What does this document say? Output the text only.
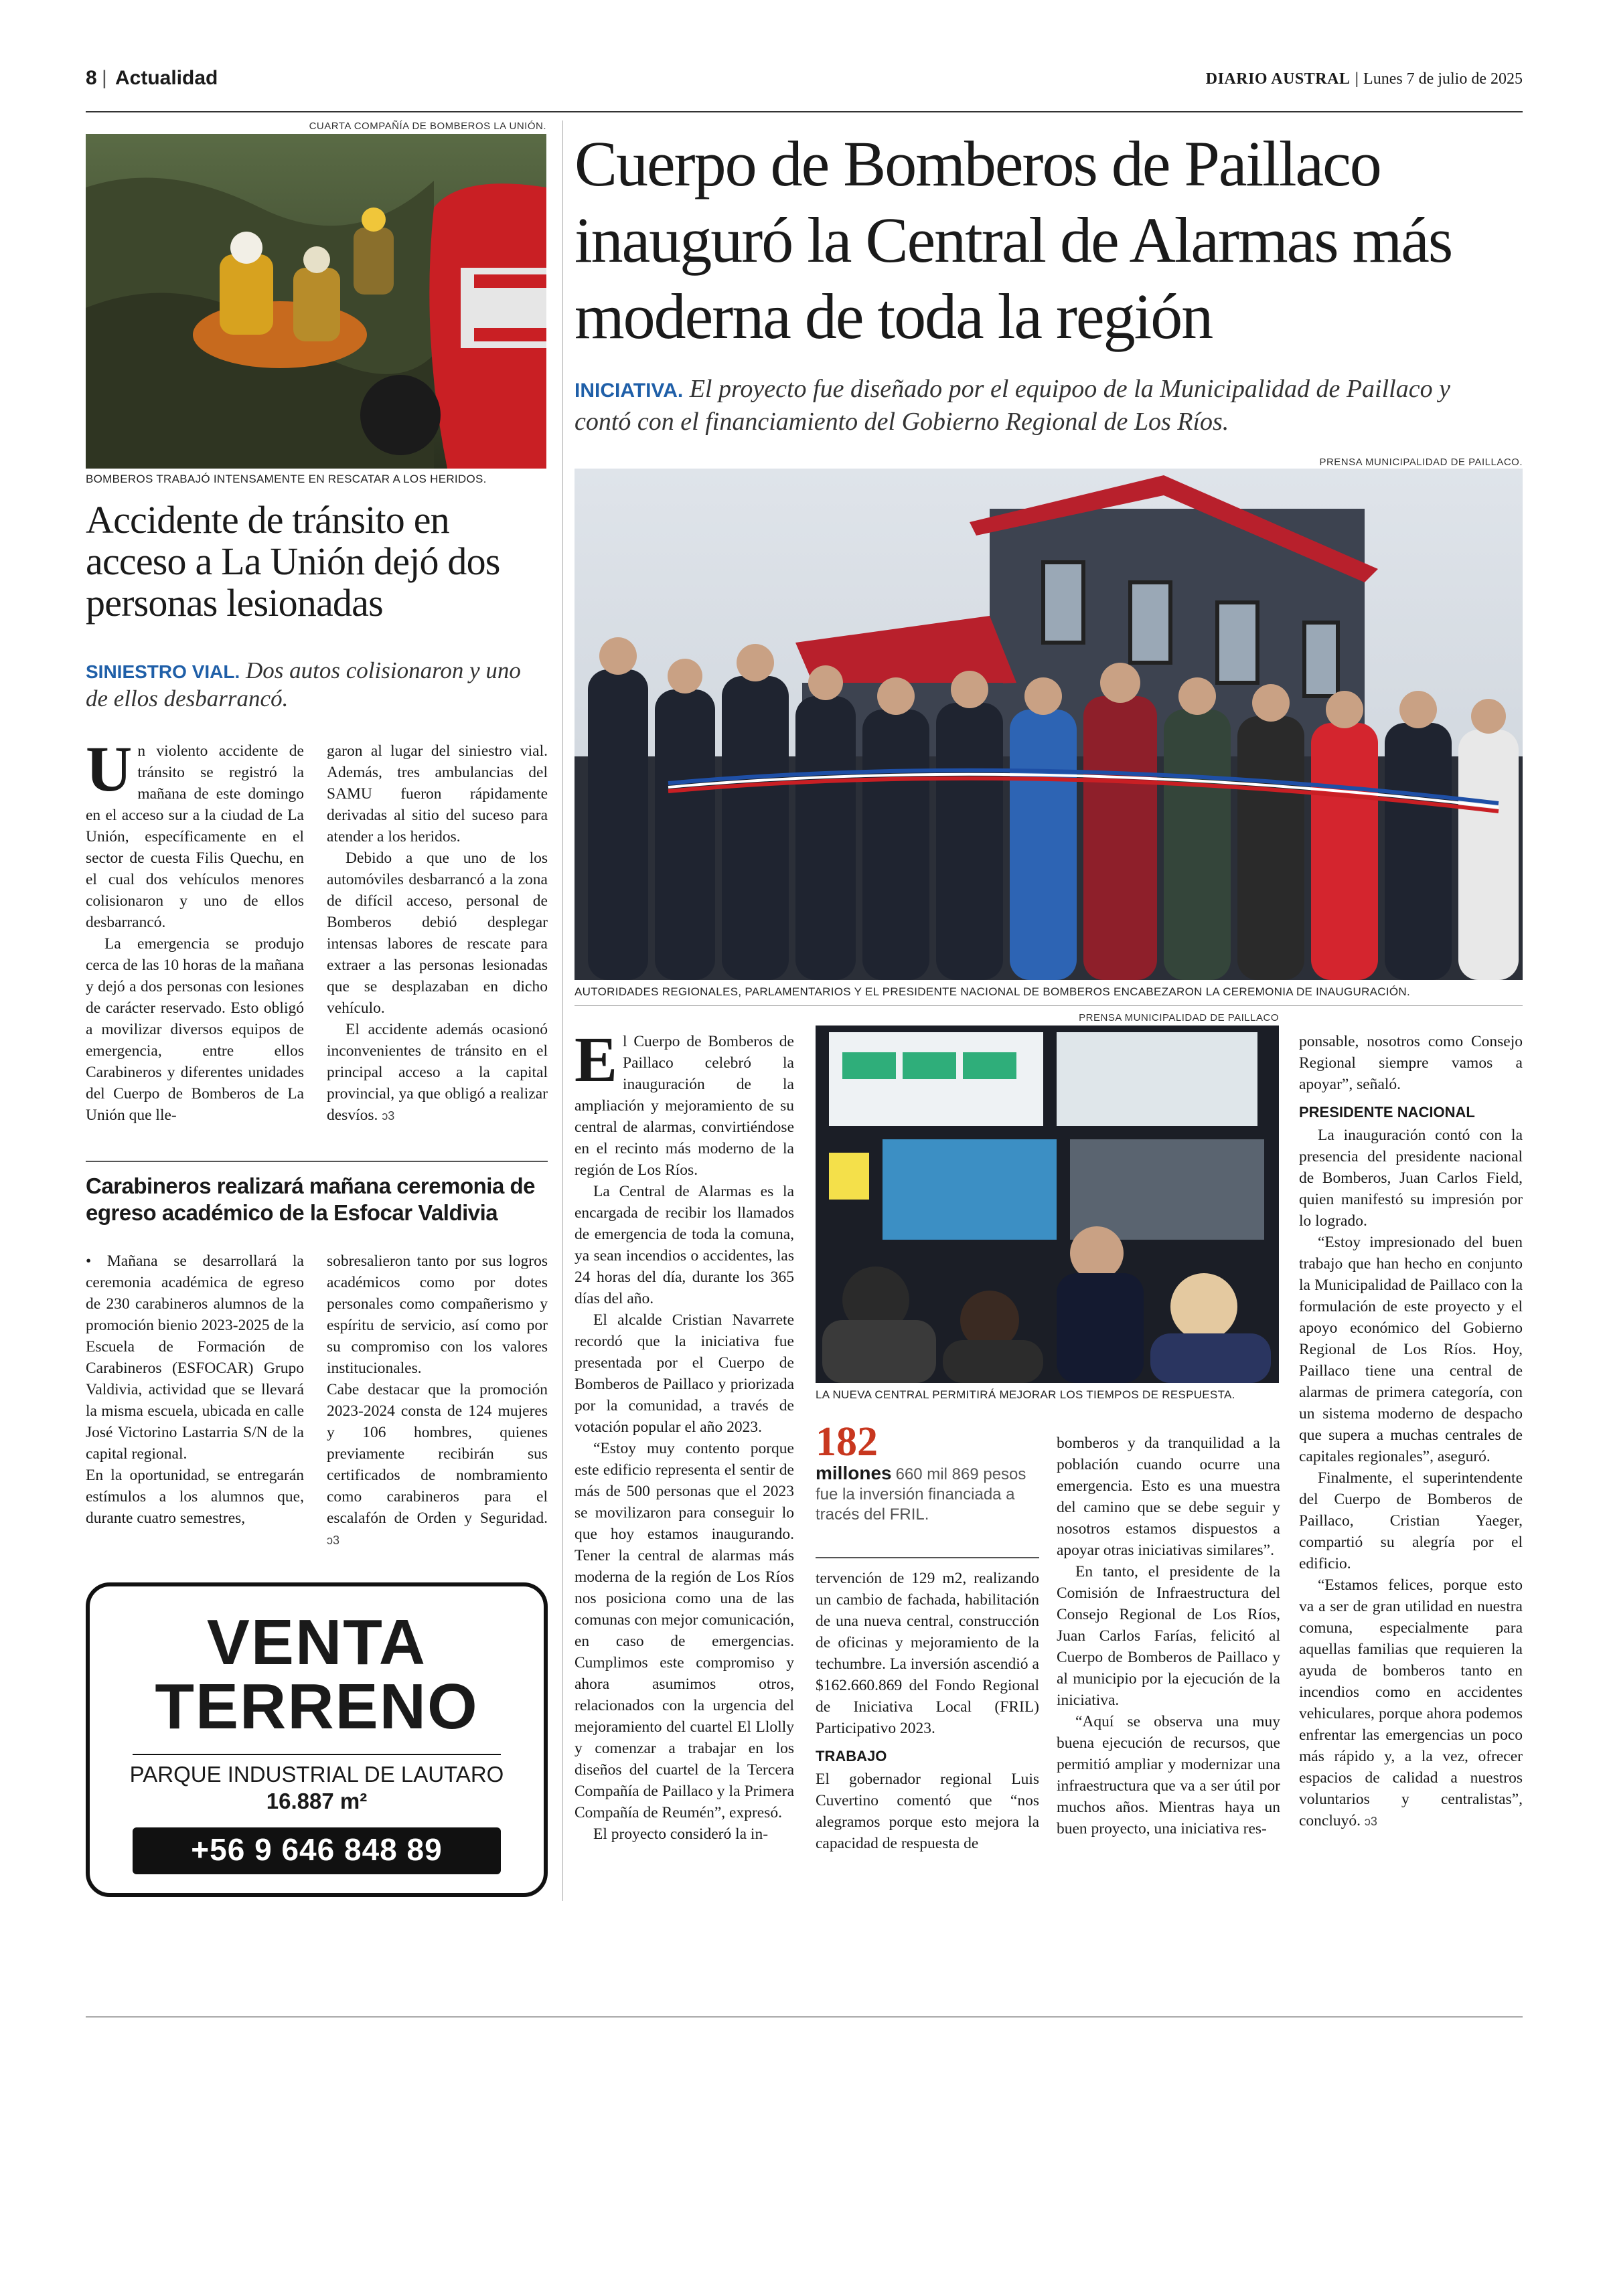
8 | Actualidad	DIARIO AUSTRAL | Lunes 7 de julio de 2025
CUARTA COMPAÑÍA DE BOMBEROS LA UNIÓN.
BOMBEROS TRABAJÓ INTENSAMENTE EN RESCATAR A LOS HERIDOS.
Accidente de tránsito en acceso a La Unión dejó dos personas lesionadas
SINIESTRO VIAL. Dos autos colisionaron y uno de ellos desbarrancó.

Un violento accidente de tránsito se registró la mañana de este domingo en el acceso sur a la ciudad de La Unión, específicamente en el sector de cuesta Filis Quechu, en el cual dos vehículos menores colisionaron y uno de ellos desbarrancó.

La emergencia se produjo cerca de las 10 horas de la mañana y dejó a dos personas con lesiones de carácter reservado. Esto obligó a movilizar diversos equipos de emergencia, entre ellos Carabineros y diferentes unidades del Cuerpo de Bomberos de La Unión que lle-

garon al lugar del siniestro vial. Además, tres ambulancias del SAMU fueron rápidamente derivadas al sitio del suceso para atender a los heridos.

Debido a que uno de los automóviles desbarrancó a la zona de difícil acceso, personal de Bomberos debió desplegar intensas labores de rescate para extraer a las personas lesionadas que se desplazaban en dicho vehículo.

El accidente además ocasionó inconvenientes de tránsito en el principal acceso a la capital provincial, ya que obligó a realizar desvíos. ↄ3

Carabineros realizará mañana ceremonia de egreso académico de la Esfocar Valdivia

• Mañana se desarrollará la ceremonia académica de egreso de 230 carabineros alumnos de la promoción bienio 2023-2025 de la Escuela de Formación de Carabineros (ESFOCAR) Grupo Valdivia, actividad que se llevará la misma escuela, ubicada en calle José Victorino Lastarria S/N de la capital regional.

En la oportunidad, se entregarán estímulos a los alumnos que, durante cuatro semestres,

sobresalieron tanto por sus logros académicos como por dotes personales como compañerismo y espíritu de servicio, así como por su compromiso con los valores institucionales.

Cabe destacar que la promoción 2023-2024 consta de 124 mujeres y 106 hombres, quienes previamente recibirán sus certificados de nombramiento como carabineros para el escalafón de Orden y Seguridad. ↄ3

VENTA
TERRENO
PARQUE INDUSTRIAL DE LAUTARO
16.887 m²
+56 9 646 848 89
Cuerpo de Bomberos de Paillaco inauguró la Central de Alarmas más moderna de toda la región
INICIATIVA. El proyecto fue diseñado por el equipoo de la Municipalidad de Paillaco y contó con el financiamiento del Gobierno Regional de Los Ríos.
PRENSA MUNICIPALIDAD DE PAILLACO.
AUTORIDADES REGIONALES, PARLAMENTARIOS Y EL PRESIDENTE NACIONAL DE BOMBEROS ENCABEZARON LA CEREMONIA DE INAUGURACIÓN.

El Cuerpo de Bomberos de Paillaco celebró la inauguración de la ampliación y mejoramiento de su central de alarmas, convirtiéndose en el recinto más moderno de la región de Los Ríos.

La Central de Alarmas es la encargada de recibir los llamados de emergencia de toda la comuna, ya sean incendios o accidentes, las 24 horas del día, durante los 365 días del año.

El alcalde Cristian Navarrete recordó que la iniciativa fue presentada por el Cuerpo de Bomberos de Paillaco y priorizada por la comunidad, a través de votación popular el año 2023.

“Estoy muy contento porque este edificio representa el sentir de más de 500 personas que el 2023 se movilizaron para conseguir lo que hoy estamos inaugurando. Tener la central de alarmas más moderna de la región de Los Ríos nos posiciona como una de las comunas con mejor comunicación, en caso de emergencias. Cumplimos este compromiso y ahora asumimos otros, relacionados con la urgencia del mejoramiento del cuartel El Llolly y comenzar a trabajar en los diseños del cuartel de la Tercera Compañía de Paillaco y la Primera Compañía de Reumén”, expresó.

El proyecto consideró la in-

PRENSA MUNICIPALIDAD DE PAILLACO
LA NUEVA CENTRAL PERMITIRÁ MEJORAR LOS TIEMPOS DE RESPUESTA.
182
millones 660 mil 869 pesos fue la inversión financiada a tracés del FRIL.

tervención de 129 m2, realizando un cambio de fachada, habilitación de una nueva central, construcción de oficinas y mejoramiento de la techumbre. La inversión ascendió a $162.660.869 del Fondo Regional de Iniciativa Local (FRIL) Participativo 2023.

TRABAJO

El gobernador regional Luis Cuvertino comentó que “nos alegramos porque esto mejora la capacidad de respuesta de

bomberos y da tranquilidad a la población cuando ocurre una emergencia. Esto es una muestra del camino que se debe seguir y nosotros estamos dispuestos a apoyar otras iniciativas similares”.

En tanto, el presidente de la Comisión de Infraestructura del Consejo Regional de Los Ríos, Juan Carlos Farías, felicitó al Cuerpo de Bomberos de Paillaco y al municipio por la ejecución de la iniciativa.

“Aquí se observa una muy buena ejecución de recursos, que permitió ampliar y modernizar una infraestructura que va a ser útil por muchos años. Mientras haya un buen proyecto, una iniciativa res-

ponsable, nosotros como Consejo Regional siempre vamos a apoyar”, señaló.

PRESIDENTE NACIONAL

La inauguración contó con la presencia del presidente nacional de Bomberos, Juan Carlos Field, quien manifestó su impresión por lo logrado.

“Estoy impresionado del buen trabajo que han hecho en conjunto la Municipalidad de Paillaco con la formulación de este proyecto y el apoyo económico del Gobierno Regional de Los Ríos. Hoy, Paillaco tiene una central de alarmas de primera categoría, con un sistema moderno de despacho que supera a muchas centrales de capitales regionales”, aseguró.

Finalmente, el superintendente del Cuerpo de Bomberos de Paillaco, Cristian Yaeger, compartió su alegría por el edificio.

“Estamos felices, porque esto va a ser de gran utilidad en nuestra comuna, especialmente para aquellas familias que requieren la ayuda de bomberos tanto en incendios como en accidentes vehiculares, porque ahora podemos enfrentar las emergencias un poco más rápido y, a la vez, ofrecer espacios de calidad a nuestros voluntarios y centralistas”, concluyó. ↄ3
